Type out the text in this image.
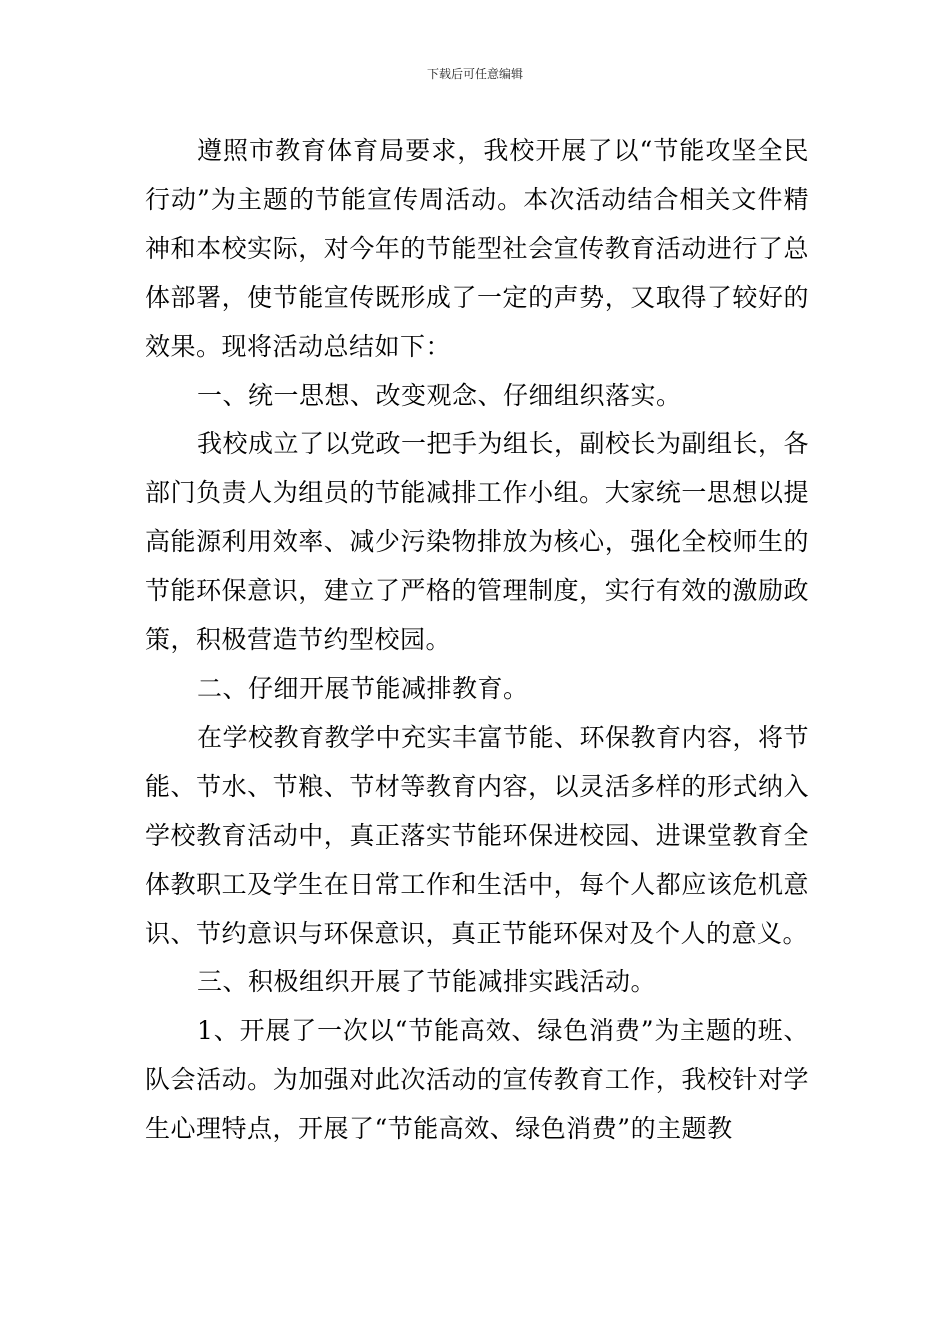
下载后可任意编辑

遵照市教育体育局要求，我校开展了以“节能攻坚全民行动”为主题的节能宣传周活动。本次活动结合相关文件精神和本校实际，对今年的节能型社会宣传教育活动进行了总体部署，使节能宣传既形成了一定的声势，又取得了较好的效果。现将活动总结如下：

一、统一思想、改变观念、仔细组织落实。

我校成立了以党政一把手为组长，副校长为副组长，各部门负责人为组员的节能减排工作小组。大家统一思想以提高能源利用效率、减少污染物排放为核心，强化全校师生的节能环保意识，建立了严格的管理制度，实行有效的激励政策，积极营造节约型校园。

二、仔细开展节能减排教育。

在学校教育教学中充实丰富节能、环保教育内容，将节能、节水、节粮、节材等教育内容，以灵活多样的形式纳入学校教育活动中，真正落实节能环保进校园、进课堂教育全体教职工及学生在日常工作和生活中，每个人都应该危机意识、节约意识与环保意识，真正节能环保对及个人的意义。

三、积极组织开展了节能减排实践活动。

1、开展了一次以“节能高效、绿色消费”为主题的班、队会活动。为加强对此次活动的宣传教育工作，我校针对学生心理特点，开展了“节能高效、绿色消费”的主题教
